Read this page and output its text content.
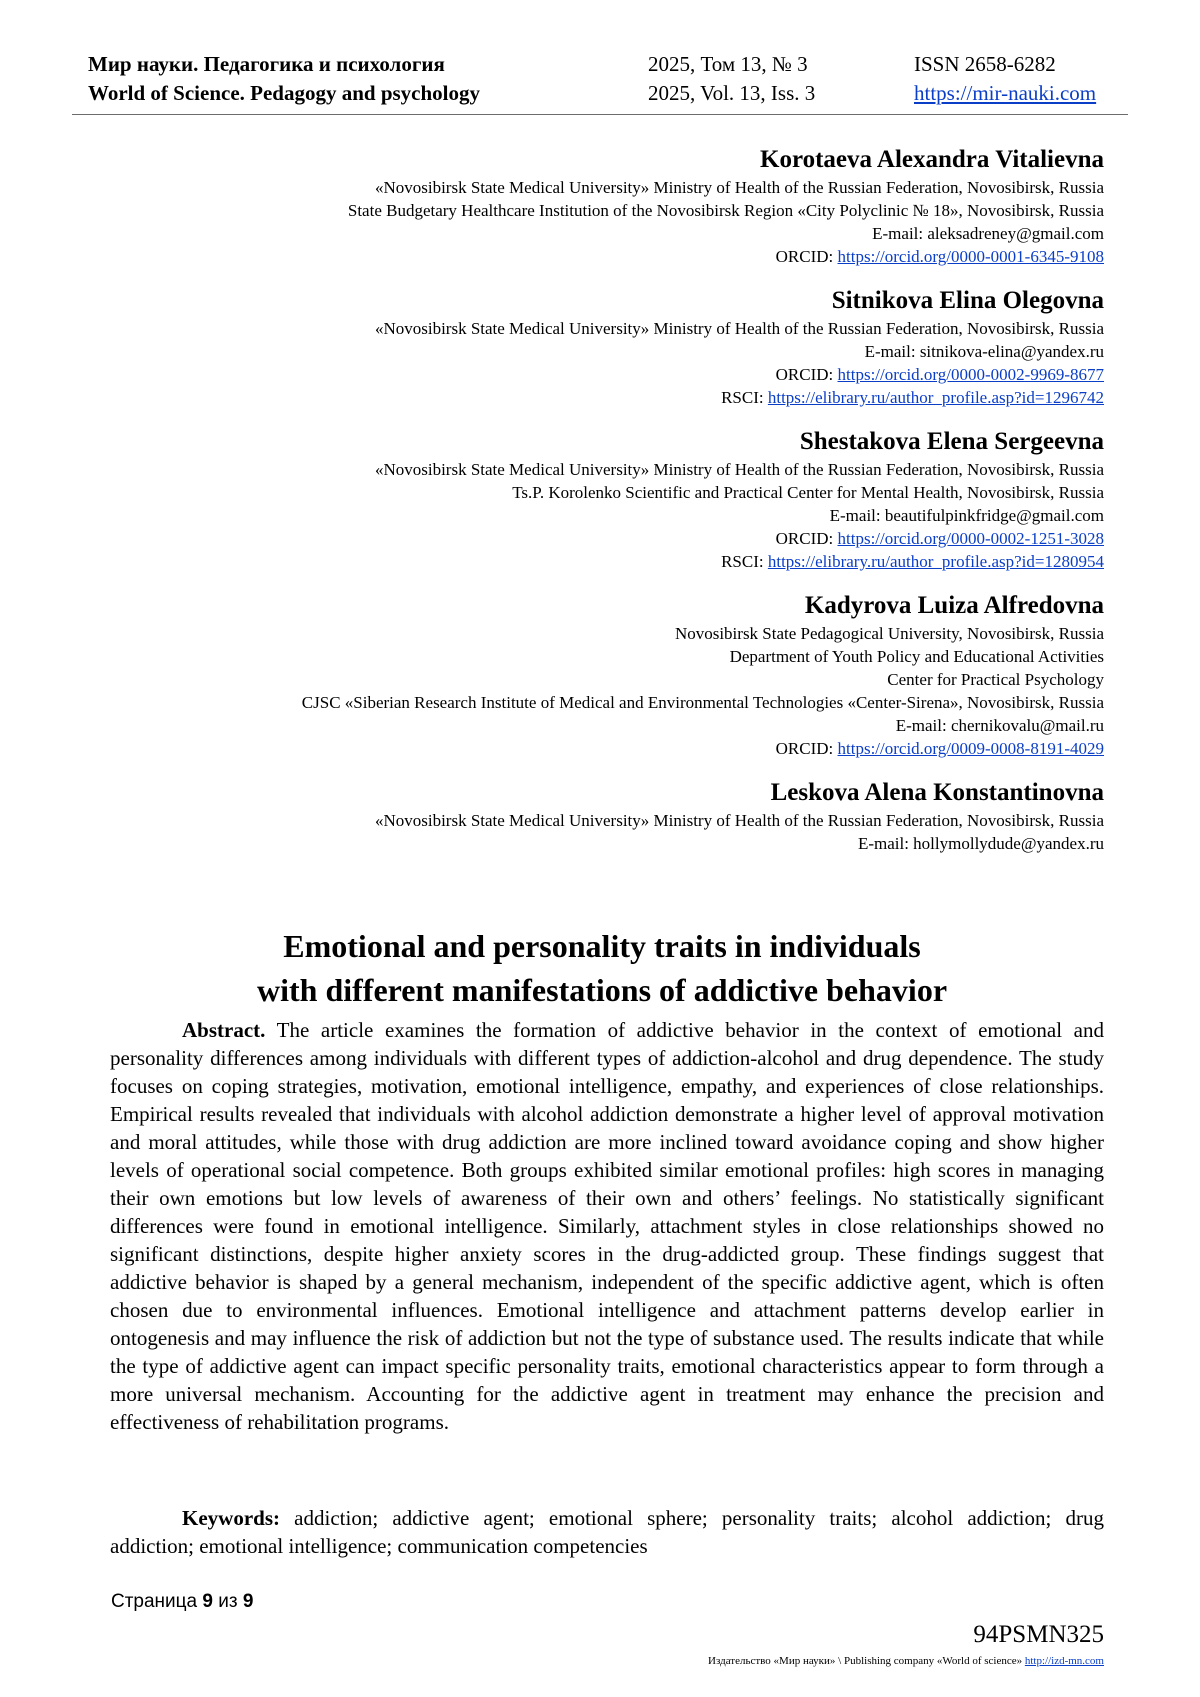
Мир науки. Педагогика и психология
World of Science. Pedagogy and psychology
2025, Том 13, № 3
2025, Vol. 13, Iss. 3
ISSN 2658-6282
https://mir-nauki.com
Korotaeva Alexandra Vitalievna
«Novosibirsk State Medical University» Ministry of Health of the Russian Federation, Novosibirsk, Russia
State Budgetary Healthcare Institution of the Novosibirsk Region «City Polyclinic № 18», Novosibirsk, Russia
E-mail: aleksadreney@gmail.com
ORCID: https://orcid.org/0000-0001-6345-9108
Sitnikova Elina Olegovna
«Novosibirsk State Medical University» Ministry of Health of the Russian Federation, Novosibirsk, Russia
E-mail: sitnikova-elina@yandex.ru
ORCID: https://orcid.org/0000-0002-9969-8677
RSCI: https://elibrary.ru/author_profile.asp?id=1296742
Shestakova Elena Sergeevna
«Novosibirsk State Medical University» Ministry of Health of the Russian Federation, Novosibirsk, Russia
Ts.P. Korolenko Scientific and Practical Center for Mental Health, Novosibirsk, Russia
E-mail: beautifulpinkfridge@gmail.com
ORCID: https://orcid.org/0000-0002-1251-3028
RSCI: https://elibrary.ru/author_profile.asp?id=1280954
Kadyrova Luiza Alfredovna
Novosibirsk State Pedagogical University, Novosibirsk, Russia
Department of Youth Policy and Educational Activities
Center for Practical Psychology
CJSC «Siberian Research Institute of Medical and Environmental Technologies «Center-Sirena», Novosibirsk, Russia
E-mail: chernikovalu@mail.ru
ORCID: https://orcid.org/0009-0008-8191-4029
Leskova Alena Konstantinovna
«Novosibirsk State Medical University» Ministry of Health of the Russian Federation, Novosibirsk, Russia
E-mail: hollymollydude@yandex.ru
Emotional and personality traits in individuals
with different manifestations of addictive behavior
Abstract. The article examines the formation of addictive behavior in the context of emotional and personality differences among individuals with different types of addiction-alcohol and drug dependence. The study focuses on coping strategies, motivation, emotional intelligence, empathy, and experiences of close relationships. Empirical results revealed that individuals with alcohol addiction demonstrate a higher level of approval motivation and moral attitudes, while those with drug addiction are more inclined toward avoidance coping and show higher levels of operational social competence. Both groups exhibited similar emotional profiles: high scores in managing their own emotions but low levels of awareness of their own and others’ feelings. No statistically significant differences were found in emotional intelligence. Similarly, attachment styles in close relationships showed no significant distinctions, despite higher anxiety scores in the drug-addicted group. These findings suggest that addictive behavior is shaped by a general mechanism, independent of the specific addictive agent, which is often chosen due to environmental influences. Emotional intelligence and attachment patterns develop earlier in ontogenesis and may influence the risk of addiction but not the type of substance used. The results indicate that while the type of addictive agent can impact specific personality traits, emotional characteristics appear to form through a more universal mechanism. Accounting for the addictive agent in treatment may enhance the precision and effectiveness of rehabilitation programs.
Keywords: addiction; addictive agent; emotional sphere; personality traits; alcohol addiction; drug addiction; emotional intelligence; communication competencies
Страница 9 из 9
94PSMN325
Издательство «Мир науки» \ Publishing company «World of science» http://izd-mn.com
